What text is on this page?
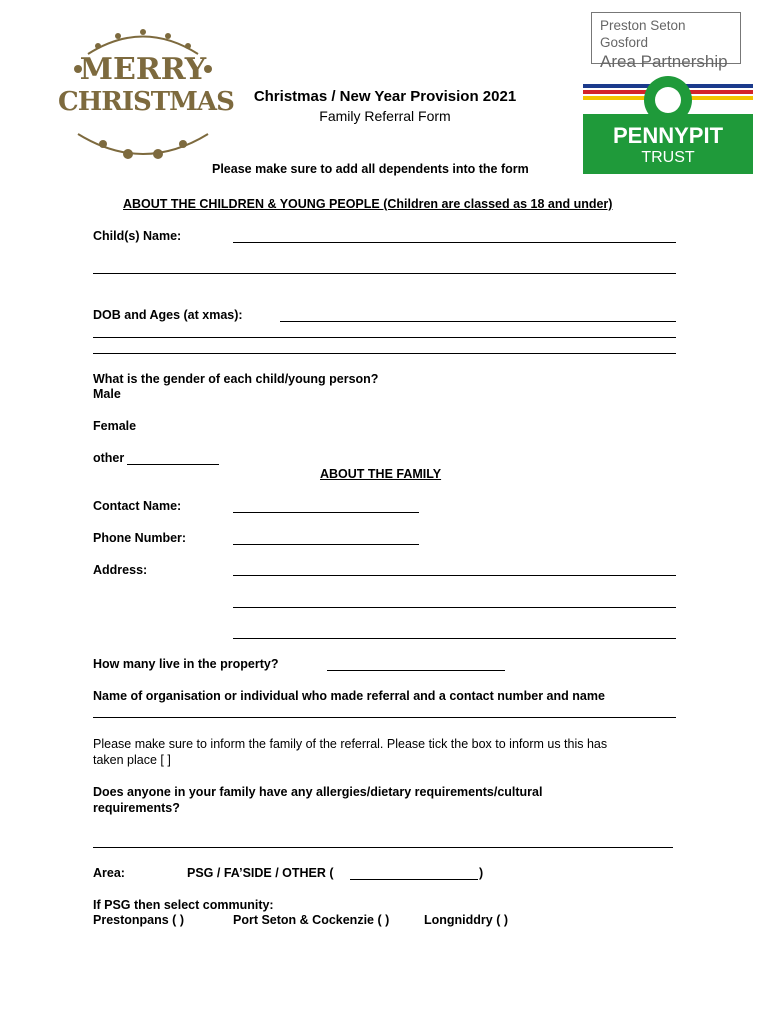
MERRY
CHRISTMAS	Christmas / New Year Provision 2021
Family Referral Form
Preston Seton Gosford
Area Partnership
PENNYPIT
TRUST
Please make sure to add all dependents into the form
ABOUT THE CHILDREN & YOUNG PEOPLE (Children are classed as 18 and under)
Child(s) Name:
DOB and Ages (at xmas):
What is the gender of each child/young person?
Male
Female
other
ABOUT THE FAMILY
Contact Name:
Phone Number:
Address:
How many live in the property?
Name of organisation or individual who made referral and a contact number and name
Please make sure to inform the family of the referral. Please tick the box to inform us this has
taken place [ ]
Does anyone in your family have any allergies/dietary requirements/cultural
requirements?
Area:	PSG / FA’SIDE / OTHER (	)
If PSG then select community:
Prestonpans ( )	Port Seton & Cockenzie ( )	Longniddry ( )
